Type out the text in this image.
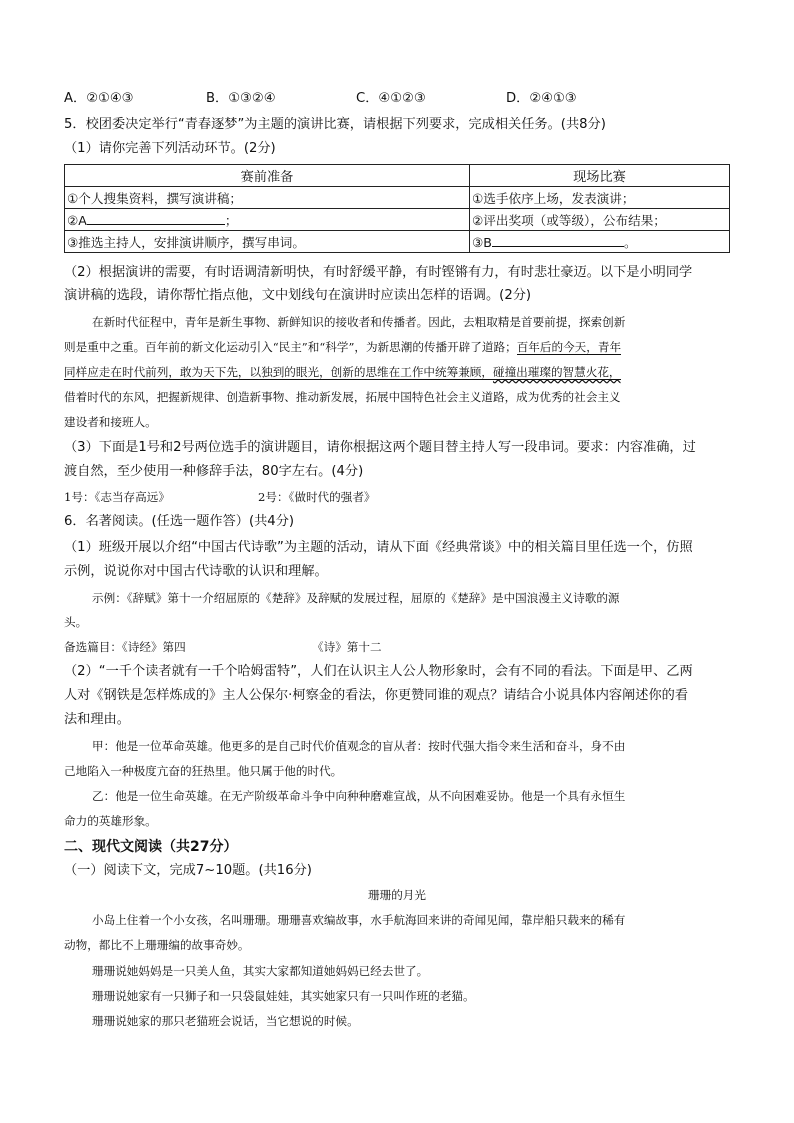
A．②①④③	B．①③②④	C．④①②③	D．②④①③
5．校团委决定举行“青春逐梦”为主题的演讲比赛，请根据下列要求，完成相关任务。(共8分)
（1）请你完善下列活动环节。(2分)
赛前准备	现场比赛
①个人搜集资料，撰写演讲稿；	①选手依序上场，发表演讲；
②A ；	②评出奖项（或等级），公布结果；
③推选主持人，安排演讲顺序，撰写串词。	③B 。
（2）根据演讲的需要，有时语调清新明快，有时舒缓平静，有时铿锵有力，有时悲壮豪迈。以下是小明同学
演讲稿的选段，请你帮忙指点他，文中划线句在演讲时应读出怎样的语调。(2分)
在新时代征程中，青年是新生事物、新鲜知识的接收者和传播者。因此，去粗取精是首要前提，探索创新
则是重中之重。百年前的新文化运动引入“民主”和“科学”，为新思潮的传播开辟了道路；百年后的今天，青年
同样应走在时代前列，敢为天下先，以独到的眼光，创新的思维在工作中统筹兼顾，碰撞出璀璨的智慧火花，
借着时代的东风，把握新规律、创造新事物、推动新发展，拓展中国特色社会主义道路，成为优秀的社会主义
建设者和接班人。
（3）下面是1号和2号两位选手的演讲题目，请你根据这两个题目替主持人写一段串词。要求：内容准确，过
渡自然，至少使用一种修辞手法，80字左右。(4分)
1号：《志当存高远》	2号：《做时代的强者》
6．名著阅读。(任选一题作答）(共4分)
（1）班级开展以介绍“中国古代诗歌”为主题的活动，请从下面《经典常谈》中的相关篇目里任选一个，仿照
示例，说说你对中国古代诗歌的认识和理解。
示例：《辞赋》第十一介绍屈原的《楚辞》及辞赋的发展过程，屈原的《楚辞》是中国浪漫主义诗歌的源
头。
备选篇目：《诗经》第四	《诗》第十二
（2）“一千个读者就有一千个哈姆雷特”，人们在认识主人公人物形象时，会有不同的看法。下面是甲、乙两
人对《钢铁是怎样炼成的》主人公保尔·柯察金的看法，你更赞同谁的观点？请结合小说具体内容阐述你的看
法和理由。
甲：他是一位革命英雄。他更多的是自己时代价值观念的盲从者：按时代强大指令来生活和奋斗，身不由
己地陷入一种极度亢奋的狂热里。他只属于他的时代。
乙：他是一位生命英雄。在无产阶级革命斗争中向种种磨难宣战，从不向困难妥协。他是一个具有永恒生
命力的英雄形象。
二、现代文阅读（共27分）
（一）阅读下文，完成7~10题。(共16分)
珊珊的月光
小岛上住着一个小女孩，名叫珊珊。珊珊喜欢编故事，水手航海回来讲的奇闻见闻，靠岸船只载来的稀有
动物，都比不上珊珊编的故事奇妙。
珊珊说她妈妈是一只美人鱼，其实大家都知道她妈妈已经去世了。
珊珊说她家有一只狮子和一只袋鼠娃娃，其实她家只有一只叫作班的老猫。
珊珊说她家的那只老猫班会说话，当它想说的时候。
